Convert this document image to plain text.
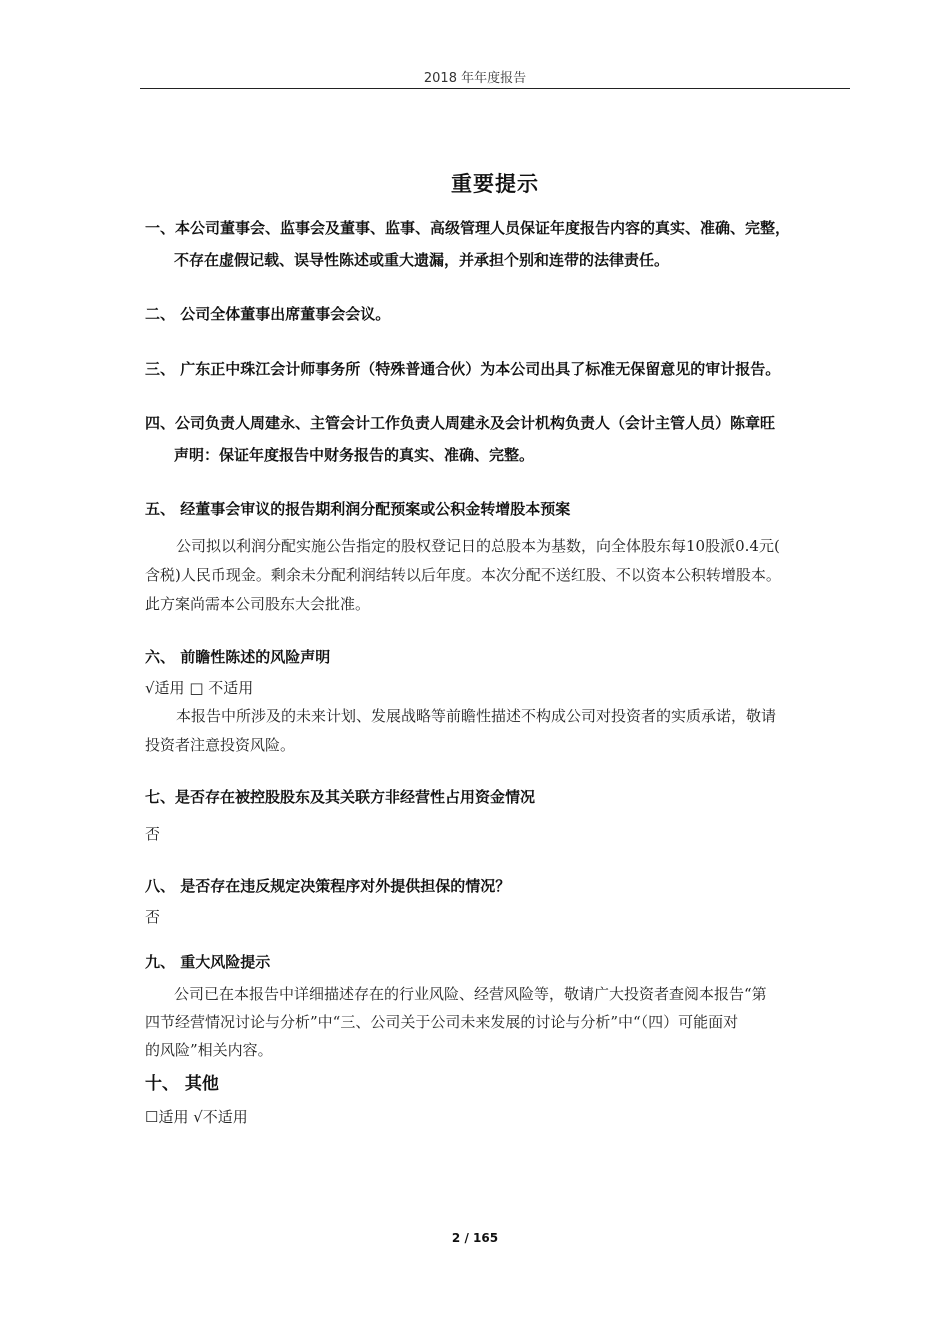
2018 年年度报告
重要提示
一、本公司董事会、监事会及董事、监事、高级管理人员保证年度报告内容的真实、准确、完整，
不存在虚假记载、误导性陈述或重大遗漏，并承担个别和连带的法律责任。
二、 公司全体董事出席董事会会议。
三、 广东正中珠江会计师事务所（特殊普通合伙）为本公司出具了标准无保留意见的审计报告。
四、公司负责人周建永、主管会计工作负责人周建永及会计机构负责人（会计主管人员）陈章旺
声明：保证年度报告中财务报告的真实、准确、完整。
五、 经董事会审议的报告期利润分配预案或公积金转增股本预案
公司拟以利润分配实施公告指定的股权登记日的总股本为基数，向全体股东每10股派0.4元(
含税)人民币现金。剩余未分配利润结转以后年度。本次分配不送红股、不以资本公积转增股本。
此方案尚需本公司股东大会批准。
六、 前瞻性陈述的风险声明
√适用 □ 不适用
本报告中所涉及的未来计划、发展战略等前瞻性描述不构成公司对投资者的实质承诺，敬请
投资者注意投资风险。
七、是否存在被控股股东及其关联方非经营性占用资金情况
否
八、 是否存在违反规定决策程序对外提供担保的情况？
否
九、 重大风险提示
公司已在本报告中详细描述存在的行业风险、经营风险等，敬请广大投资者查阅本报告“第
四节经营情况讨论与分析”中“三、公司关于公司未来发展的讨论与分析”中“（四）可能面对
的风险”相关内容。
十、 其他
☐适用 √不适用
2 / 165
